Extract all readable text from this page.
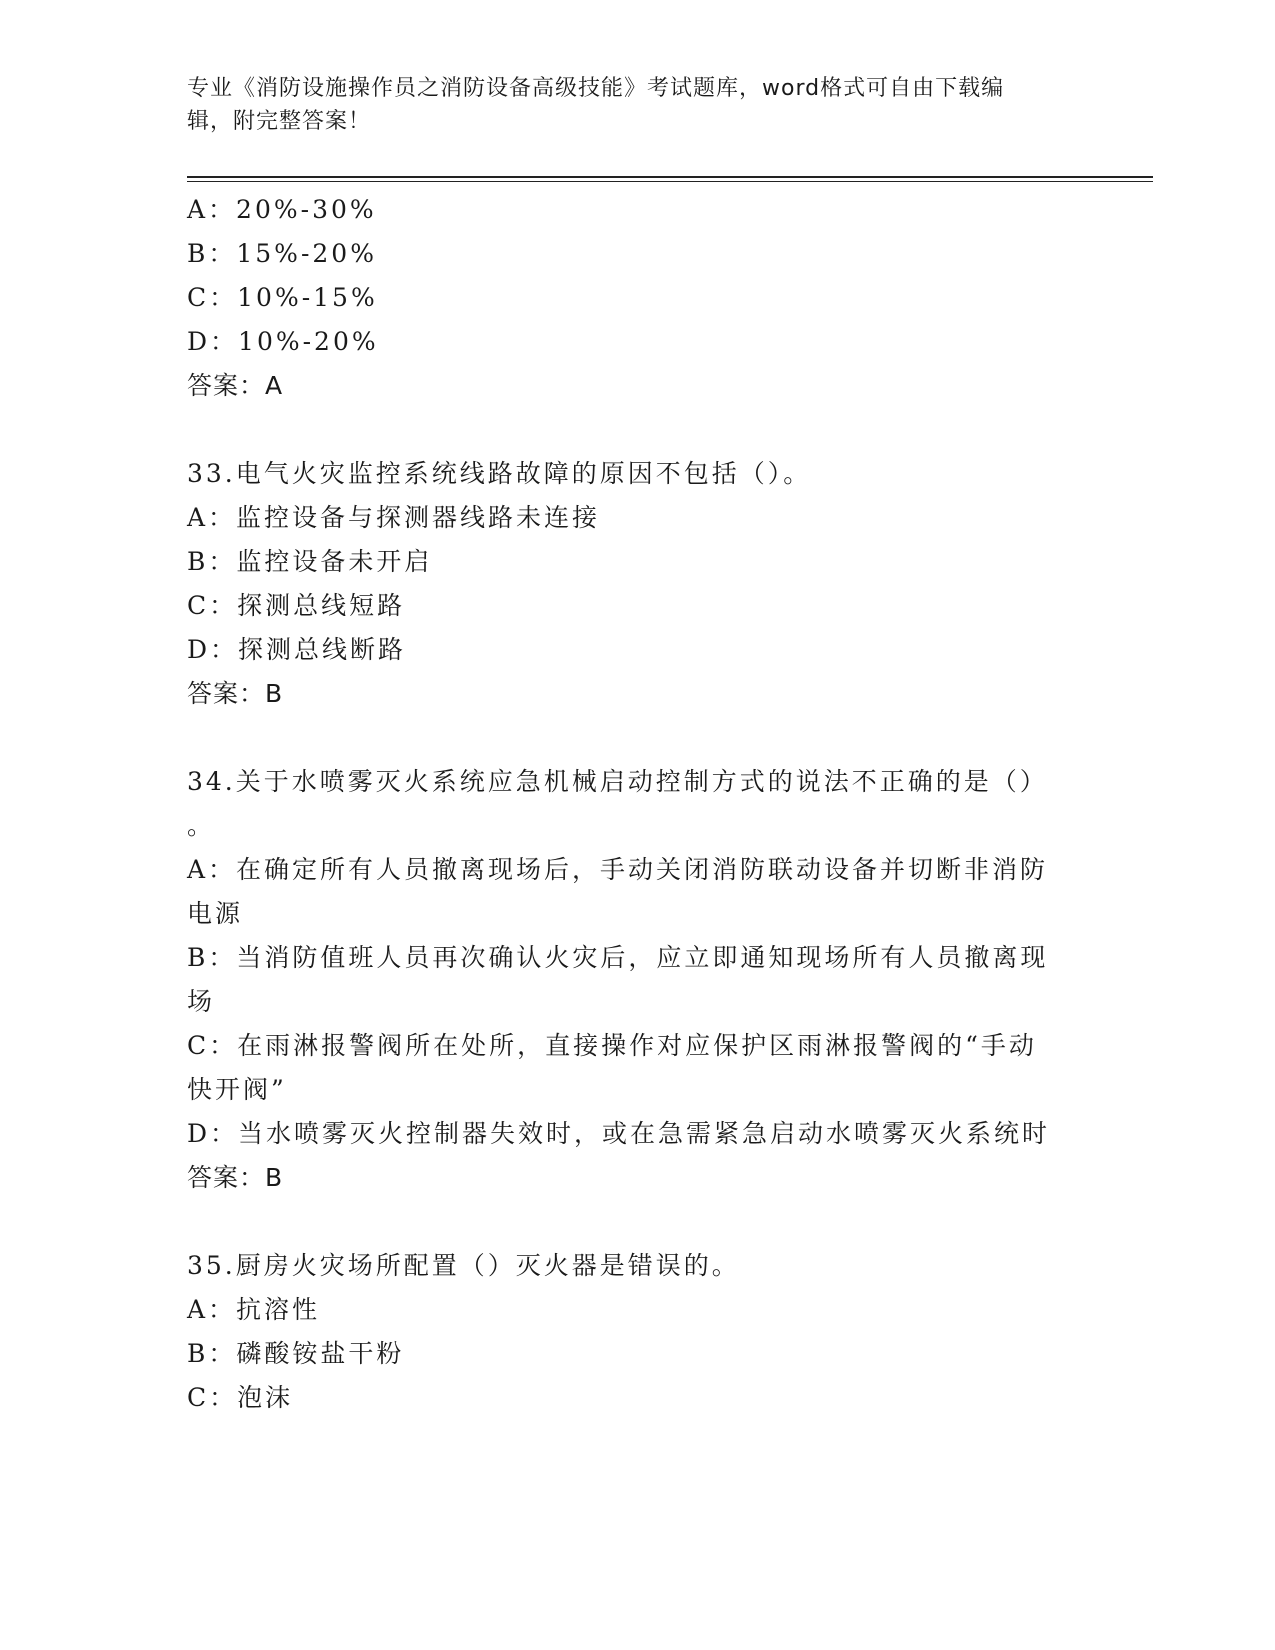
专业《消防设施操作员之消防设备高级技能》考试题库，word格式可自由下载编
辑，附完整答案！
A：20%-30%
B：15%-20%
C：10%-15%
D：10%-20%
答案：A
33.电气火灾监控系统线路故障的原因不包括（）。
A：监控设备与探测器线路未连接
B：监控设备未开启
C：探测总线短路
D：探测总线断路
答案：B
34.关于水喷雾灭火系统应急机械启动控制方式的说法不正确的是（）
。
A：在确定所有人员撤离现场后，手动关闭消防联动设备并切断非消防
电源
B：当消防值班人员再次确认火灾后，应立即通知现场所有人员撤离现
场
C：在雨淋报警阀所在处所，直接操作对应保护区雨淋报警阀的“手动
快开阀”
D：当水喷雾灭火控制器失效时，或在急需紧急启动水喷雾灭火系统时
答案：B
35.厨房火灾场所配置（）灭火器是错误的。
A：抗溶性
B：磷酸铵盐干粉
C：泡沫
